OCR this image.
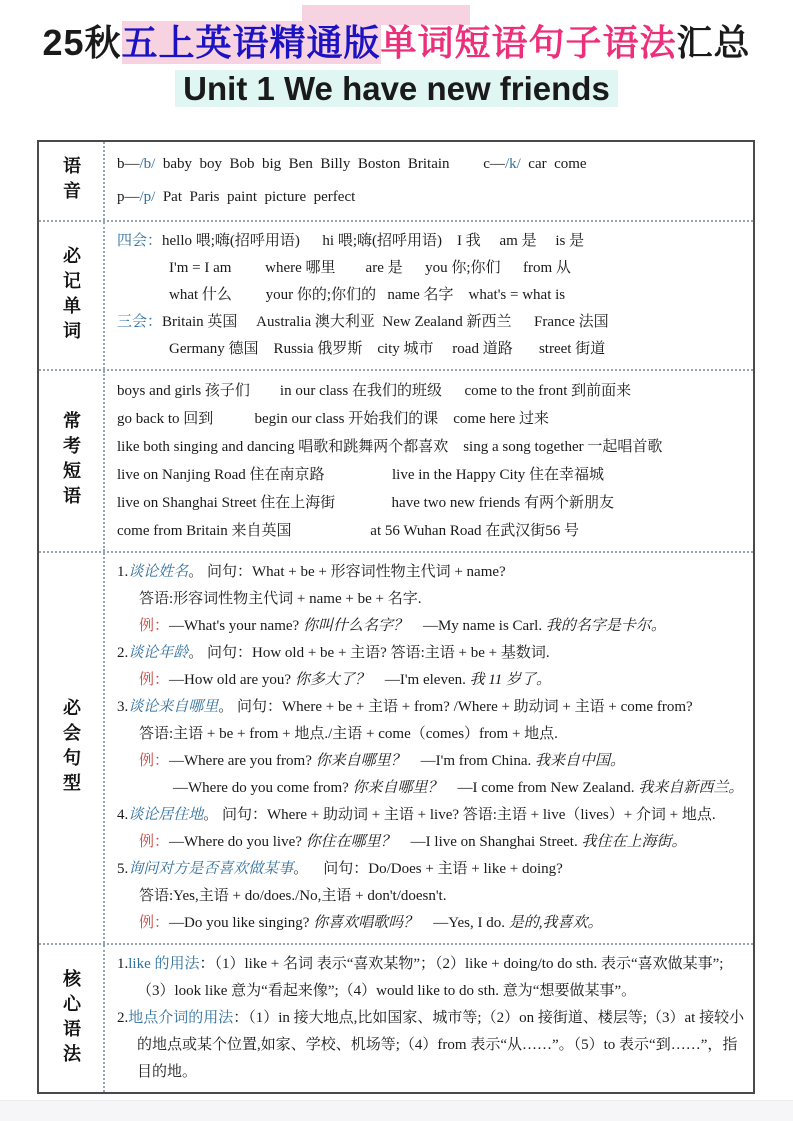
25秋五上英语精通版单词短语句子语法汇总
Unit 1 We have new friends
语音 b—/b/  baby  boy  Bob  big  Ben  Billy  Boston  Britain c—/k/  car  come
p—/p/  Pat  Paris  paint  picture  perfect
必记单词
四会：hello 喂;嗨(招呼用语)      hi 喂;嗨(招呼用语)    I 我     am 是     is 是
I'm = I am         where 哪里        are 是      you 你;你们      from 从
what 什么         your 你的;你们的   name 名字    what's = what is
三会：Britain 英国     Australia 澳大利亚  New Zealand 新西兰      France 法国
Germany 德国    Russia 俄罗斯    city 城市     road 道路       street 街道
常考短语
boys and girls 孩子们        in our class 在我们的班级      come to the front 到前面来
go back to 回到           begin our class 开始我们的课    come here 过来
like both singing and dancing 唱歌和跳舞两个都喜欢    sing a song together 一起唱首歌
live on Nanjing Road 住在南京路                  live in the Happy City 住在幸福城
live on Shanghai Street 住在上海街               have two new friends 有两个新朋友
come from Britain 来自英国                     at 56 Wuhan Road 在武汉街56 号
必会句型
1.谈论姓名。 问句：What + be + 形容词性物主代词 + name?
答语:形容词性物主代词 + name + be + 名字.
例：—What's your name? 你叫什么名字？    —My name is Carl. 我的名字是卡尔。
2.谈论年龄。 问句：How old + be + 主语? 答语:主语 + be + 基数词.
例：—How old are you? 你多大了？    —I'm eleven. 我 11 岁了。
3.谈论来自哪里。 问句：Where + be + 主语 + from? /Where + 助动词 + 主语 + come from?
答语:主语 + be + from + 地点./主语 + come（comes）from + 地点.
例：—Where are you from? 你来自哪里？    —I'm from China. 我来自中国。
—Where do you come from? 你来自哪里？    —I come from New Zealand. 我来自新西兰。
4.谈论居住地。 问句：Where + 助动词 + 主语 + live? 答语:主语 + live（lives）+ 介词 + 地点.
例：—Where do you live? 你住在哪里？    —I live on Shanghai Street. 我住在上海街。
5.询问对方是否喜欢做某事。    问句：Do/Does + 主语 + like + doing?
答语:Yes,主语 + do/does./No,主语 + don't/doesn't.
例：—Do you like singing? 你喜欢唱歌吗？    —Yes, I do. 是的,我喜欢。
核心语法
1.like 的用法：（1）like + 名词 表示“喜欢某物”；（2）like + doing/to do sth. 表示“喜欢做某事”;（3）look like 意为“看起来像”;（4）would like to do sth. 意为“想要做某事”。
2.地点介词的用法：（1）in 接大地点,比如国家、城市等;（2）on 接街道、楼层等;（3）at 接较小的地点或某个位置,如家、学校、机场等;（4）from 表示“从……”。（5）to 表示“到……”，指目的地。
